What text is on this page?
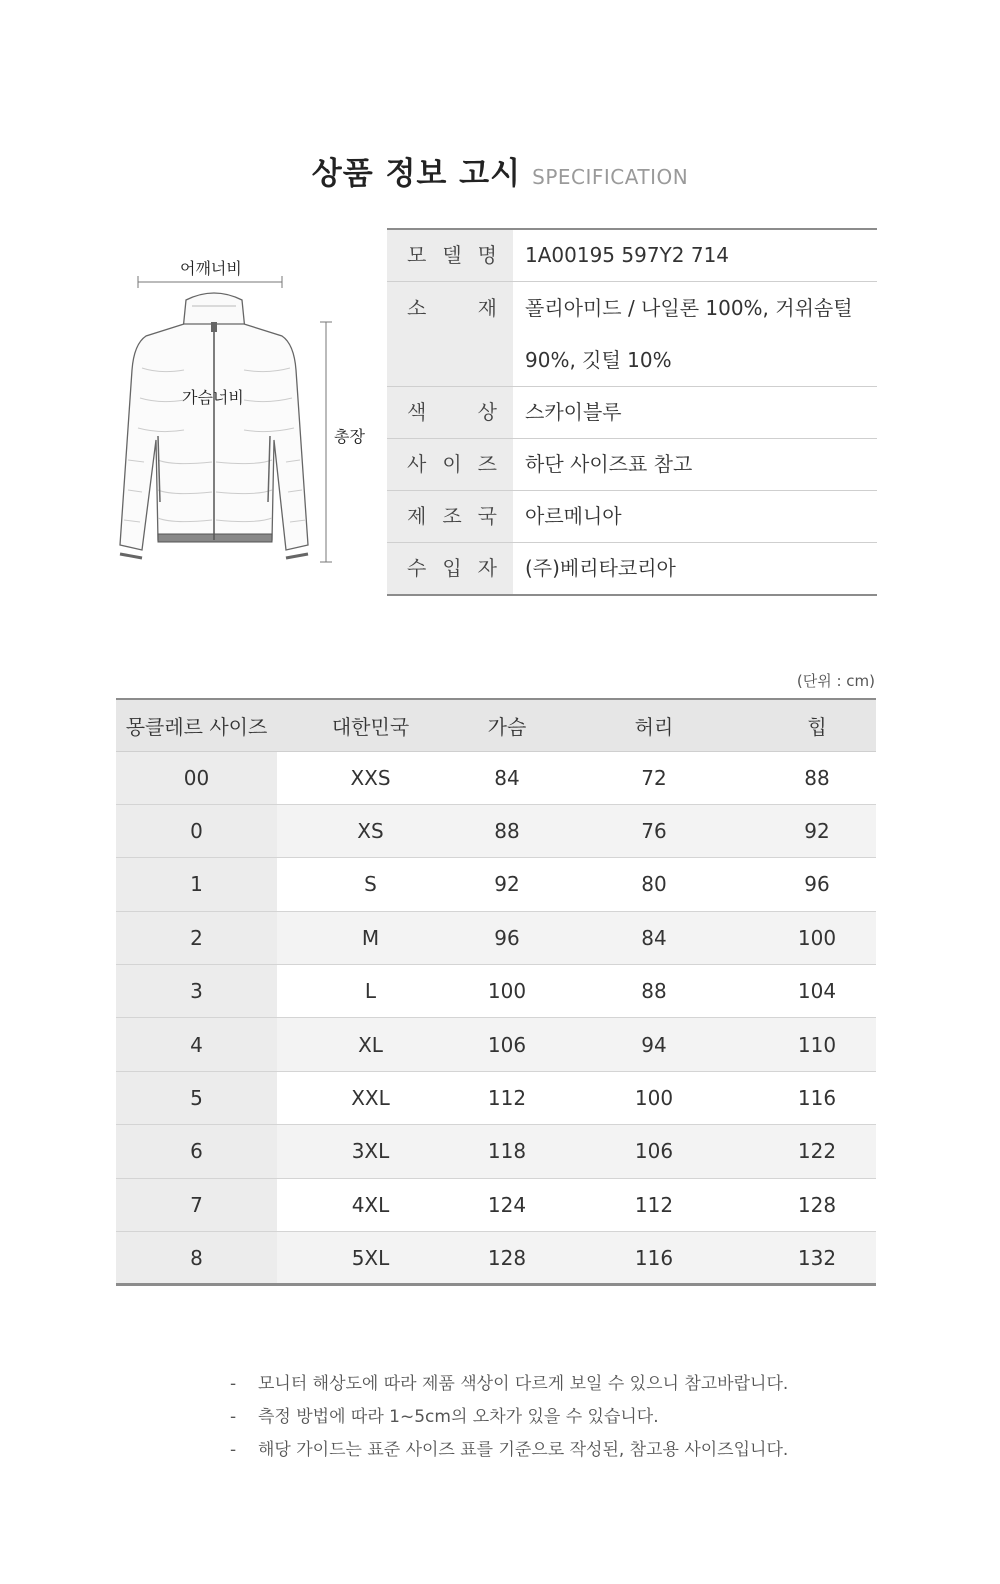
상품 정보 고시 SPECIFICATION
어깨너비
가슴너비
총장
모 델 명	1A00195 597Y2 714
소 재	폴리아미드 / 나일론 100%, 거위솜털 90%, 깃털 10%
색 상	스카이블루
사 이 즈	하단 사이즈표 참고
제 조 국	아르메니아
수 입 자	(주)베리타코리아
(단위 : cm)
몽클레르 사이즈	대한민국	가슴	허리	힙
00	XXS	84	72	88
0	XS	88	76	92
1	S	92	80	96
2	M	96	84	100
3	L	100	88	104
4	XL	106	94	110
5	XXL	112	100	116
6	3XL	118	106	122
7	4XL	124	112	128
8	5XL	128	116	132
- 모니터 해상도에 따라 제품 색상이 다르게 보일 수 있으니 참고바랍니다.
- 측정 방법에 따라 1~5cm의 오차가 있을 수 있습니다.
- 해당 가이드는 표준 사이즈 표를 기준으로 작성된, 참고용 사이즈입니다.
